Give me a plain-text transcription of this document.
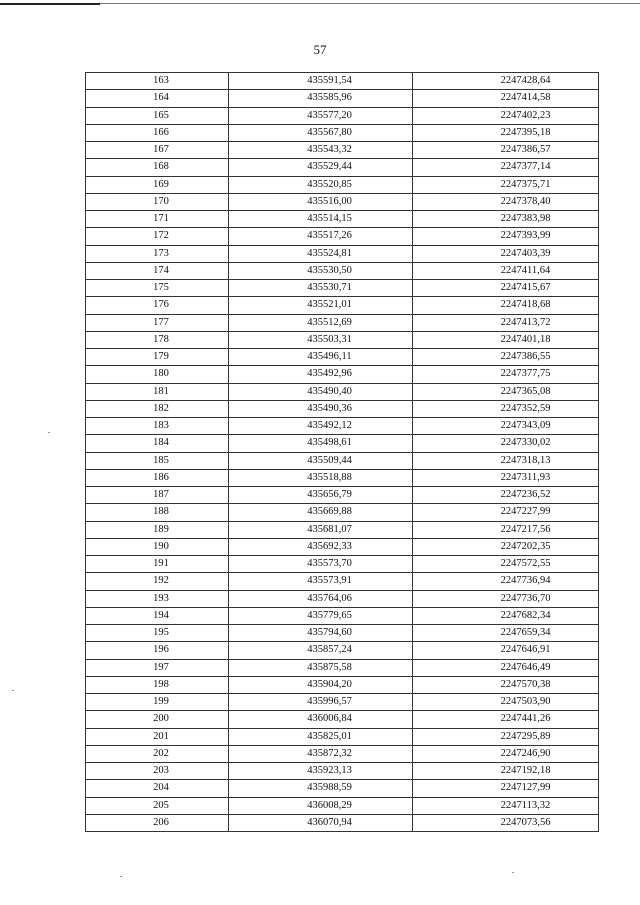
57
163	435591,54	2247428,64
164	435585,96	2247414,58
165	435577,20	2247402,23
166	435567,80	2247395,18
167	435543,32	2247386,57
168	435529,44	2247377,14
169	435520,85	2247375,71
170	435516,00	2247378,40
171	435514,15	2247383,98
172	435517,26	2247393,99
173	435524,81	2247403,39
174	435530,50	2247411,64
175	435530,71	2247415,67
176	435521,01	2247418,68
177	435512,69	2247413,72
178	435503,31	2247401,18
179	435496,11	2247386,55
180	435492,96	2247377,75
181	435490,40	2247365,08
182	435490,36	2247352,59
183	435492,12	2247343,09
184	435498,61	2247330,02
185	435509,44	2247318,13
186	435518,88	2247311,93
187	435656,79	2247236,52
188	435669,88	2247227,99
189	435681,07	2247217,56
190	435692,33	2247202,35
191	435573,70	2247572,55
192	435573,91	2247736,94
193	435764,06	2247736,70
194	435779,65	2247682,34
195	435794,60	2247659,34
196	435857,24	2247646,91
197	435875,58	2247646,49
198	435904,20	2247570,38
199	435996,57	2247503,90
200	436006,84	2247441,26
201	435825,01	2247295,89
202	435872,32	2247246,90
203	435923,13	2247192,18
204	435988,59	2247127,99
205	436008,29	2247113,32
206	436070,94	2247073,56
